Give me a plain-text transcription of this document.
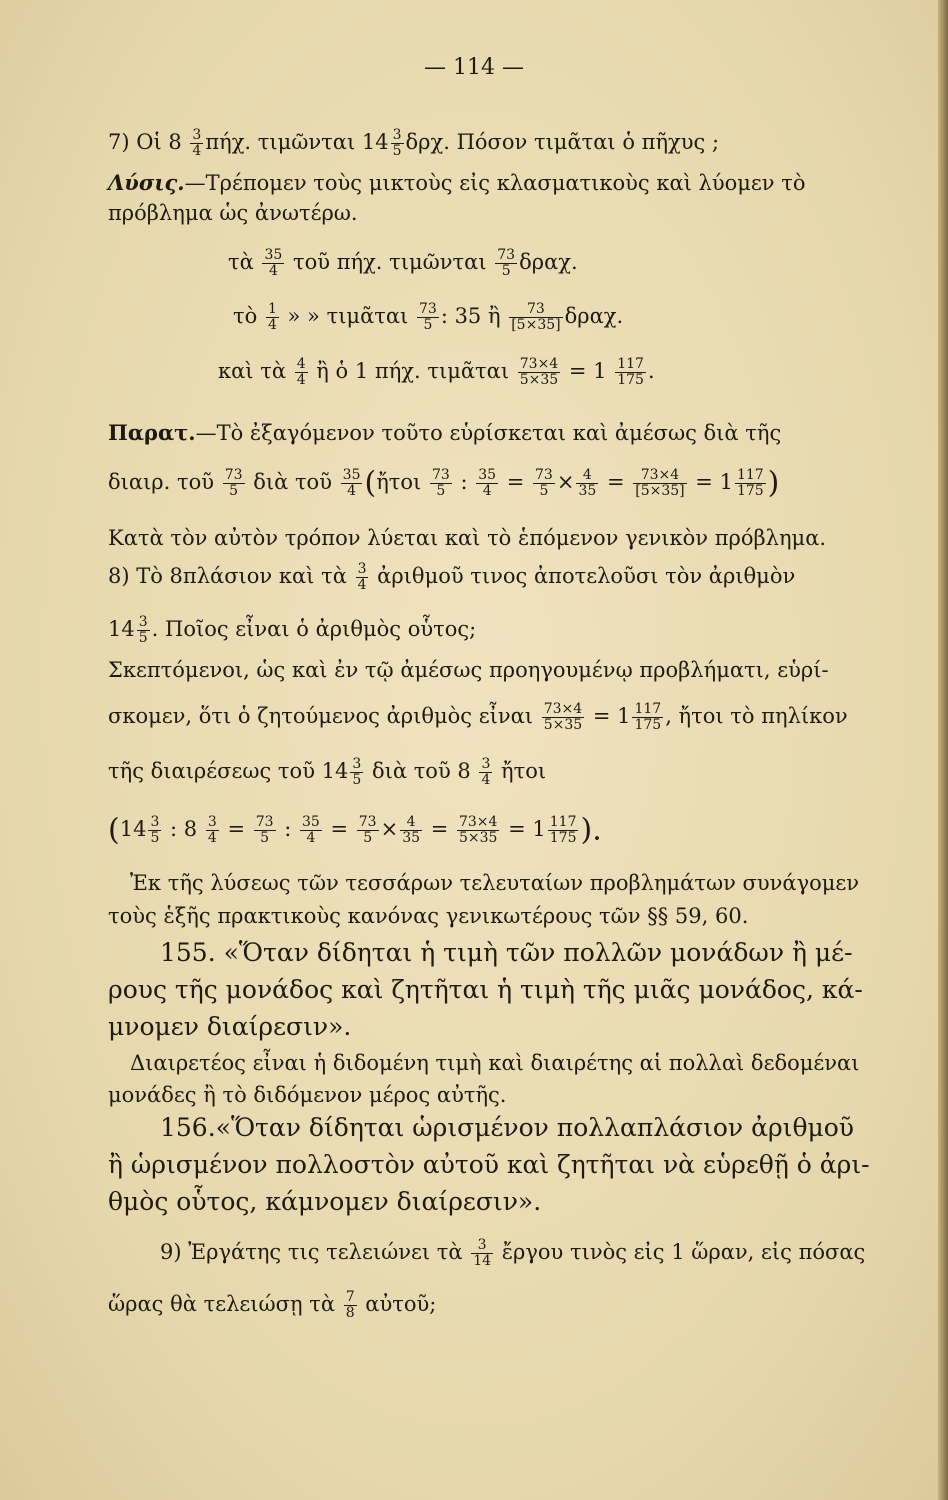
— 114 —
7) Οἱ $8 \frac{3}{4} \pi ή\chi$. τιμῶνται $14 \frac{3}{5} \delta\rho\chi$. Πόσον τιμᾶται ὁ πῆχυς ;
Λύσις.—Τρέπομεν τοὺς μικτοὺς εἰς κλασματικοὺς καὶ λύομεν τὸ
πρόβλημα ὡς ἀνωτέρω.
τὰ $\frac{35}{4}$ τοῦ πήχ. τιμῶνται $\frac{73}{5} \delta\rho\alpha\chi$.
τὸ $\frac{1}{4}$ » » τιμᾶται $\frac{73}{5}$ : 35 ἢ $\frac{73}{[5\times 35]} \delta\rho\alpha\chi$.
καὶ τὰ $\frac{4}{4}$ ἢ ὁ 1 πήχ. τιμᾶται $\frac{73\times 4}{5\times 35} = 1 \frac{117}{175}$ .
Παρατ.—Τὸ ἐξαγόμενον τοῦτο εὑρίσκεται καὶ ἀμέσως διὰ τῆς
διαιρ. τοῦ $\frac{73}{5}$ διὰ τοῦ $\frac{35}{4}$ (ἤτοι $\frac{73}{5}$ : $\frac{35}{4} = \frac{73}{5} \times \frac{4}{35} = \frac{73\times 4}{[5\times 35]} = 1 \frac{117}{175}$ )
Κατὰ τὸν αὐτὸν τρόπον λύεται καὶ τὸ ἑπόμενον γενικὸν πρόβλημα.
8) Τὸ 8πλάσιον καὶ τὰ $\frac{3}{4}$ ἀριθμοῦ τινος ἀποτελοῦσι τὸν ἀριθμὸν
$14 \frac{3}{5}$ . Ποῖος εἶναι ὁ ἀριθμὸς οὗτος;
Σκεπτόμενοι, ὡς καὶ ἐν τῷ ἀμέσως προηγουμένῳ προβλήματι, εὑρί-
σκομεν, ὅτι ὁ ζητούμενος ἀριθμὸς εἶναι $\frac{73\times 4}{5\times 35} = 1 \frac{117}{175}$ , ἤτοι τὸ πηλίκον
τῆς διαιρέσεως τοῦ $14 \frac{3}{5}$ διὰ τοῦ $8 \frac{3}{4}$ ἤτοι
($14 \frac{3}{5}$ : $8 \frac{3}{4} = \frac{73}{5}$ : $\frac{35}{4} = \frac{73}{5} \times \frac{4}{35} = \frac{73\times 4}{5\times 35} = 1 \frac{117}{175}$ ).
Ἐκ τῆς λύσεως τῶν τεσσάρων τελευταίων προβλημάτων συνάγομεν
τοὺς ἑξῆς πρακτικοὺς κανόνας γενικωτέρους τῶν §§ 59, 60.
155. «Ὅταν δίδηται ἡ τιμὴ τῶν πολλῶν μονάδων ἢ μέ-
ρους τῆς μονάδος καὶ ζητῆται ἡ τιμὴ τῆς μιᾶς μονάδος, κά-
μνομεν διαίρεσιν».
Διαιρετέος εἶναι ἡ διδομένη τιμὴ καὶ διαιρέτης αἱ πολλαὶ δεδομέναι
μονάδες ἢ τὸ διδόμενον μέρος αὐτῆς.
156.«Ὅταν δίδηται ὡρισμένον πολλαπλάσιον ἀριθμοῦ
ἢ ὡρισμένον πολλοστὸν αὐτοῦ καὶ ζητῆται νὰ εὑρεθῇ ὁ ἀρι-
θμὸς οὗτος, κάμνομεν διαίρεσιν».
9) Ἐργάτης τις τελειώνει τὰ $\frac{3}{14}$ ἔργου τινὸς εἰς 1 ὥραν, εἰς πόσας
ὥρας θὰ τελειώσῃ τὰ $\frac{7}{8}$ αὐτοῦ;
